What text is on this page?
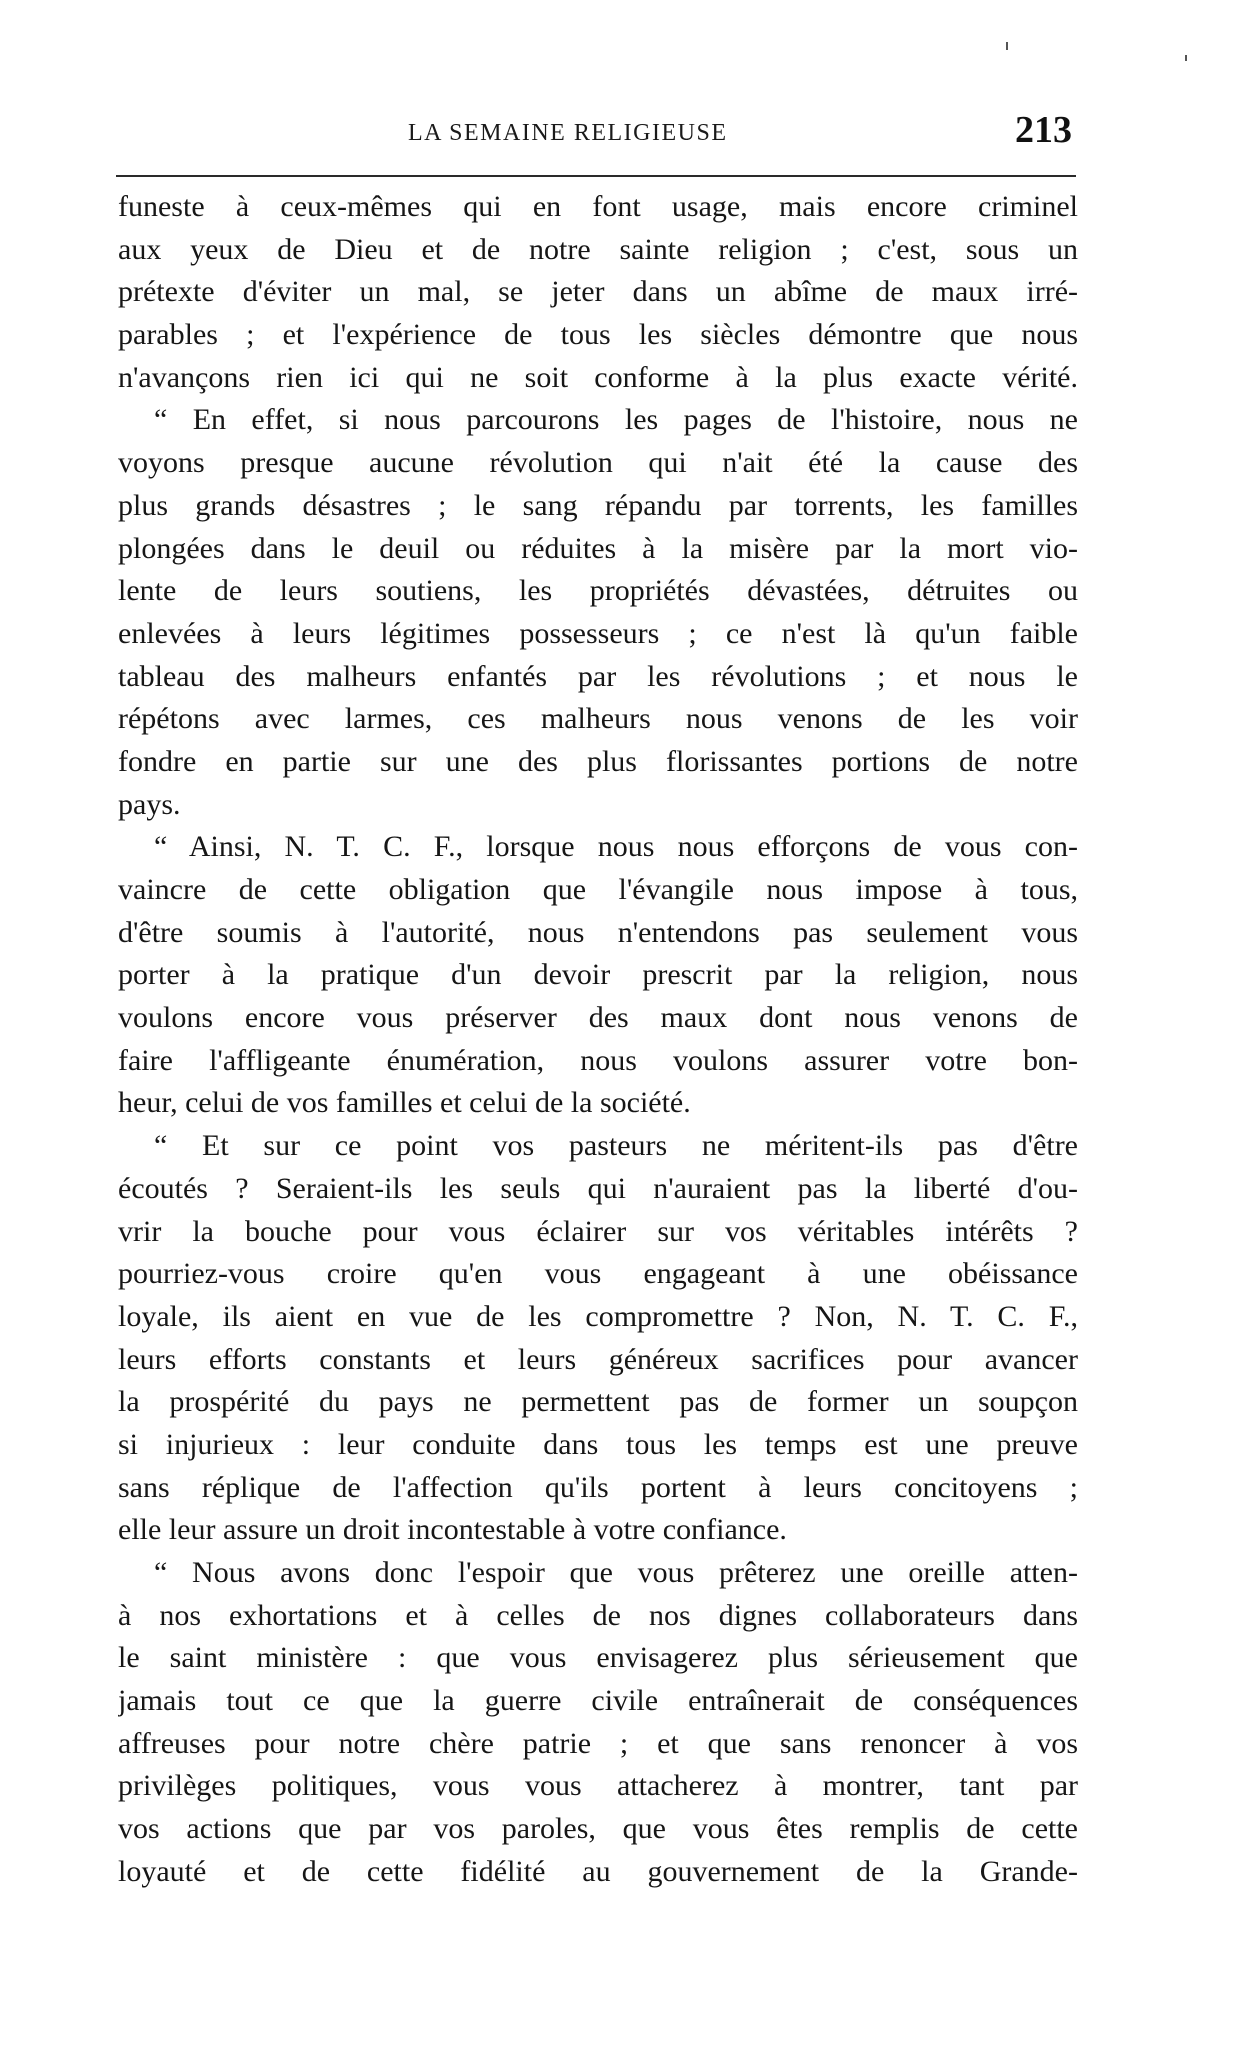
LA SEMAINE RELIGIEUSE	213
funeste à ceux-mêmes qui en font usage, mais encore criminel
aux yeux de Dieu et de notre sainte religion ; c'est, sous un
prétexte d'éviter un mal, se jeter dans un abîme de maux irré-
parables ; et l'expérience de tous les siècles démontre que nous
n'avançons rien ici qui ne soit conforme à la plus exacte vérité.
“ En effet, si nous parcourons les pages de l'histoire, nous ne
voyons presque aucune révolution qui n'ait été la cause des
plus grands désastres ; le sang répandu par torrents, les familles
plongées dans le deuil ou réduites à la misère par la mort vio-
lente de leurs soutiens, les propriétés dévastées, détruites ou
enlevées à leurs légitimes possesseurs ; ce n'est là qu'un faible
tableau des malheurs enfantés par les révolutions ; et nous le
répétons avec larmes, ces malheurs nous venons de les voir
fondre en partie sur une des plus florissantes portions de notre
pays.
“ Ainsi, N. T. C. F., lorsque nous nous efforçons de vous con-
vaincre de cette obligation que l'évangile nous impose à tous,
d'être soumis à l'autorité, nous n'entendons pas seulement vous
porter à la pratique d'un devoir prescrit par la religion, nous
voulons encore vous préserver des maux dont nous venons de
faire l'affligeante énumération, nous voulons assurer votre bon-
heur, celui de vos familles et celui de la société.
“ Et sur ce point vos pasteurs ne méritent-ils pas d'être
écoutés ? Seraient-ils les seuls qui n'auraient pas la liberté d'ou-
vrir la bouche pour vous éclairer sur vos véritables intérêts ?
pourriez-vous croire qu'en vous engageant à une obéissance
loyale, ils aient en vue de les compromettre ? Non, N. T. C. F.,
leurs efforts constants et leurs généreux sacrifices pour avancer
la prospérité du pays ne permettent pas de former un soupçon
si injurieux : leur conduite dans tous les temps est une preuve
sans réplique de l'affection qu'ils portent à leurs concitoyens ;
elle leur assure un droit incontestable à votre confiance.
“ Nous avons donc l'espoir que vous prêterez une oreille atten-
à nos exhortations et à celles de nos dignes collaborateurs dans
le saint ministère : que vous envisagerez plus sérieusement que
jamais tout ce que la guerre civile entraînerait de conséquences
affreuses pour notre chère patrie ; et que sans renoncer à vos
privilèges politiques, vous vous attacherez à montrer, tant par
vos actions que par vos paroles, que vous êtes remplis de cette
loyauté et de cette fidélité au gouvernement de la Grande-
